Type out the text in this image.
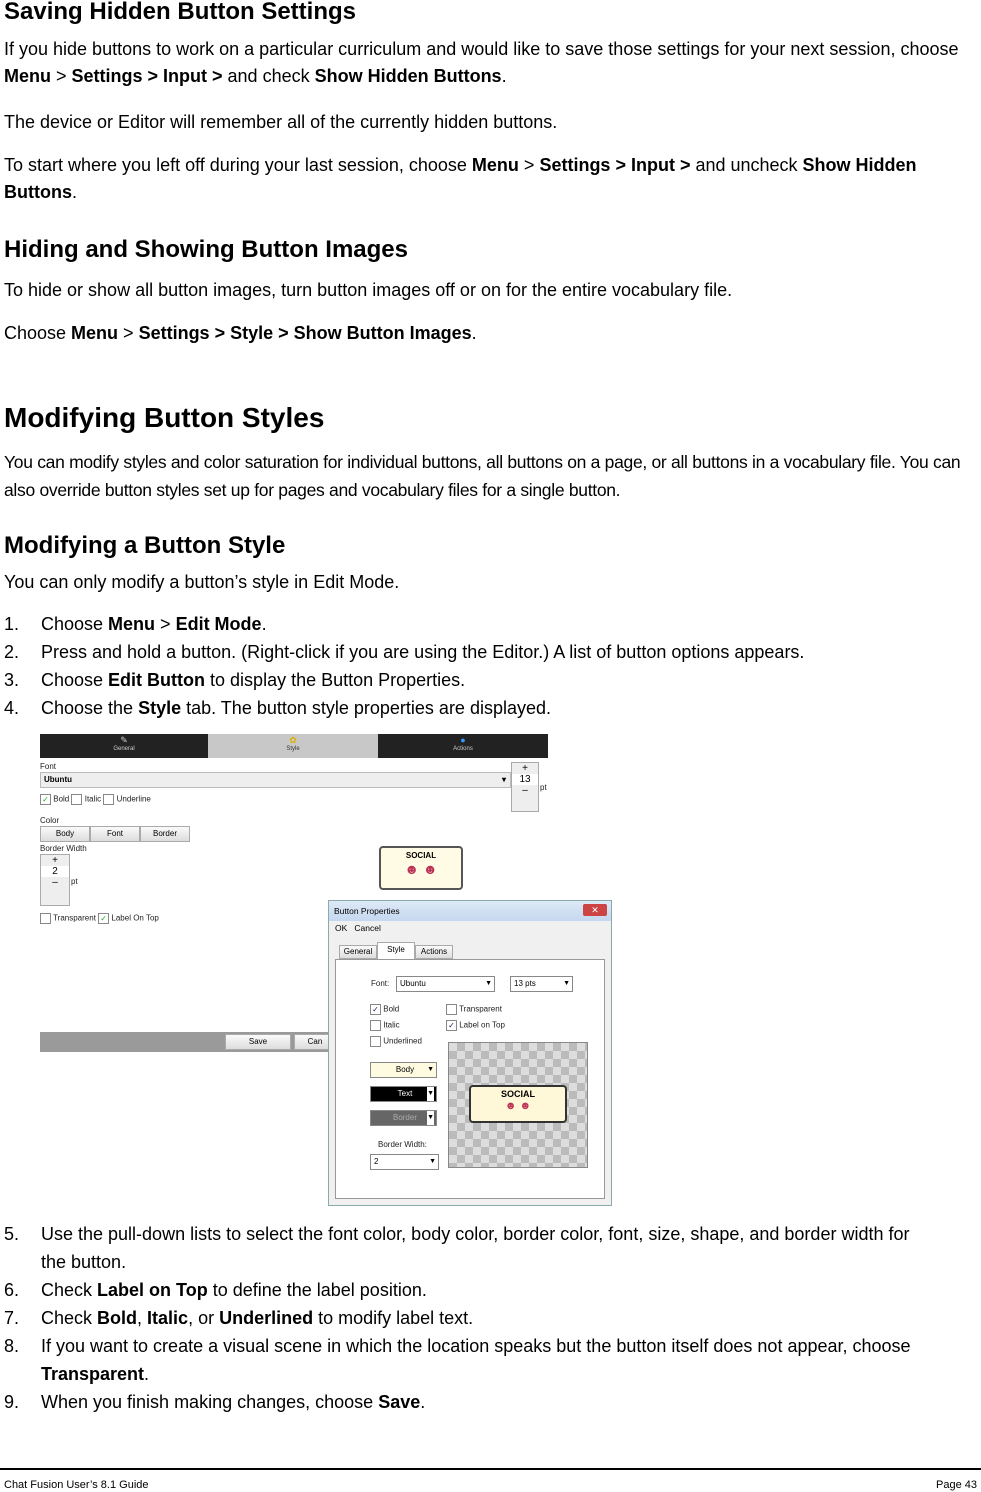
Saving Hidden Button Settings

If you hide buttons to work on a particular curriculum and would like to save those settings for your next session, choose Menu > Settings > Input > and check Show Hidden Buttons.

The device or Editor will remember all of the currently hidden buttons.

To start where you left off during your last session, choose Menu > Settings > Input > and uncheck Show Hidden Buttons.

Hiding and Showing Button Images

To hide or show all button images, turn button images off or on for the entire vocabulary file.

Choose Menu > Settings > Style > Show Button Images.

Modifying Button Styles

You can modify styles and color saturation for individual buttons, all buttons on a page, or all buttons in a vocabulary file. You can also override button styles set up for pages and vocabulary files for a single button.

Modifying a Button Style

You can only modify a button’s style in Edit Mode.

1. Choose Menu > Edit Mode.
2. Press and hold a button. (Right-click if you are using the Editor.) A list of button options appears.
3. Choose Edit Button to display the Button Properties.
4. Choose the Style tab. The button style properties are displayed.
✎
General
✿
Style
●
Actions
Font
Ubuntu	▾
+
13
–	pt
✓ Bold Italic Underline
Color
Body	Font	Border
Border Width
+
2
–	pt
Transparent ✓ Label On Top
Save	Can
SOCIAL
☻ ☻
Button Properties	✕
OK Cancel
General	Style	Actions
Font:	Ubuntu	▼	13 pts	▼
✓ Bold
Italic
Underlined
Transparent
✓ Label on Top
Body ▼
Text ▼
Border ▼
Border Width:
2	▼
SOCIAL
☻ ☻
5. Use the pull-down lists to select the font color, body color, border color, font, size, shape, and border width for the button.
6. Check Label on Top to define the label position.
7. Check Bold, Italic, or Underlined to modify label text.
8. If you want to create a visual scene in which the location speaks but the button itself does not appear, choose Transparent.
9. When you finish making changes, choose Save.
Chat Fusion User’s 8.1 Guide	Page 43
